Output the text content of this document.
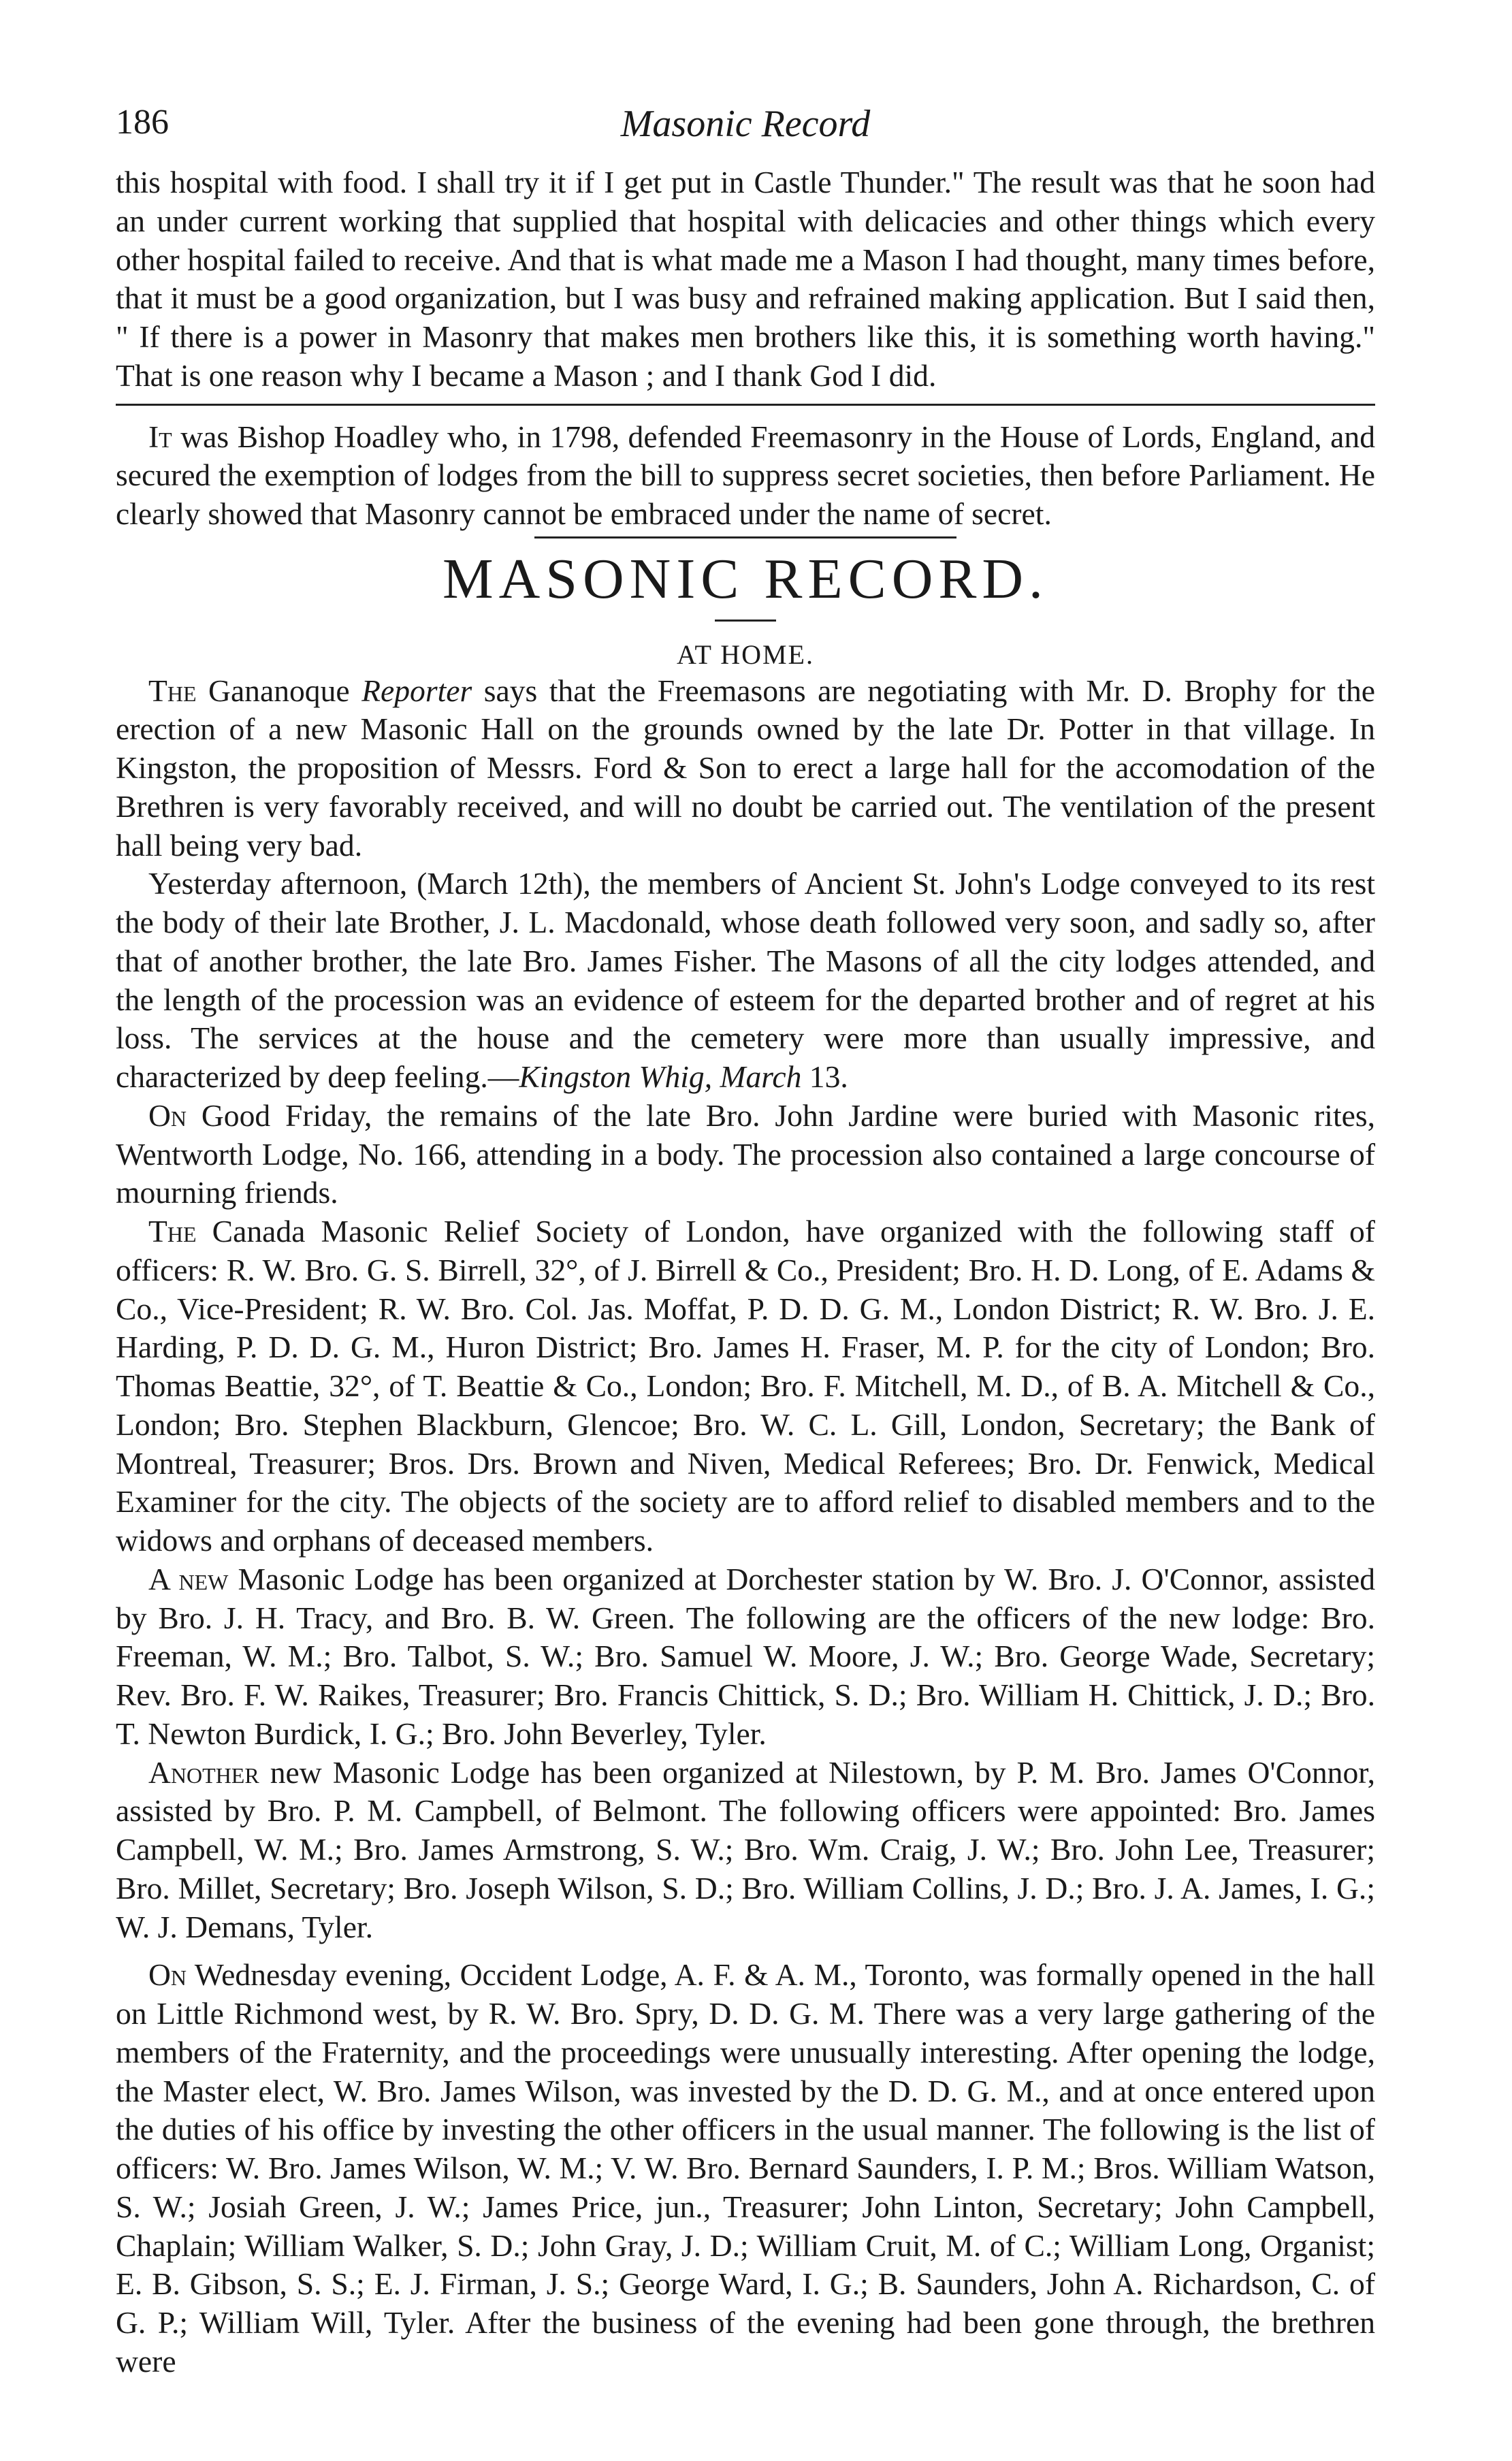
186	Masonic Record

this hospital with food. I shall try it if I get put in Castle Thunder." The result was that he soon had an under current working that supplied that hospital with delicacies and other things which every other hospital failed to receive. And that is what made me a Mason I had thought, many times before, that it must be a good organization, but I was busy and refrained making application. But I said then, " If there is a power in Masonry that makes men brothers like this, it is something worth having." That is one reason why I became a Mason ; and I thank God I did.

It was Bishop Hoadley who, in 1798, defended Freemasonry in the House of Lords, England, and secured the exemption of lodges from the bill to suppress secret societies, then before Parliament. He clearly showed that Masonry cannot be embraced under the name of secret.

MASONIC RECORD.
AT HOME.

The Gananoque Reporter says that the Freemasons are negotiating with Mr. D. Brophy for the erection of a new Masonic Hall on the grounds owned by the late Dr. Potter in that village. In Kingston, the proposition of Messrs. Ford & Son to erect a large hall for the accomodation of the Brethren is very favorably received, and will no doubt be carried out. The ventilation of the present hall being very bad.

Yesterday afternoon, (March 12th), the members of Ancient St. John's Lodge conveyed to its rest the body of their late Brother, J. L. Macdonald, whose death followed very soon, and sadly so, after that of another brother, the late Bro. James Fisher. The Masons of all the city lodges attended, and the length of the procession was an evidence of esteem for the departed brother and of regret at his loss. The services at the house and the cemetery were more than usually impressive, and characterized by deep feeling.—Kingston Whig, March 13.

On Good Friday, the remains of the late Bro. John Jardine were buried with Masonic rites, Wentworth Lodge, No. 166, attending in a body. The procession also contained a large concourse of mourning friends.

The Canada Masonic Relief Society of London, have organized with the following staff of officers: R. W. Bro. G. S. Birrell, 32°, of J. Birrell & Co., President; Bro. H. D. Long, of E. Adams & Co., Vice-President; R. W. Bro. Col. Jas. Moffat, P. D. D. G. M., London District; R. W. Bro. J. E. Harding, P. D. D. G. M., Huron District; Bro. James H. Fraser, M. P. for the city of London; Bro. Thomas Beattie, 32°, of T. Beattie & Co., London; Bro. F. Mitchell, M. D., of B. A. Mitchell & Co., London; Bro. Stephen Blackburn, Glencoe; Bro. W. C. L. Gill, London, Secretary; the Bank of Montreal, Treasurer; Bros. Drs. Brown and Niven, Medical Referees; Bro. Dr. Fenwick, Medical Examiner for the city. The objects of the society are to afford relief to disabled members and to the widows and orphans of deceased members.

A new Masonic Lodge has been organized at Dorchester station by W. Bro. J. O'Connor, assisted by Bro. J. H. Tracy, and Bro. B. W. Green. The following are the officers of the new lodge: Bro. Freeman, W. M.; Bro. Talbot, S. W.; Bro. Samuel W. Moore, J. W.; Bro. George Wade, Secretary; Rev. Bro. F. W. Raikes, Treasurer; Bro. Francis Chittick, S. D.; Bro. William H. Chittick, J. D.; Bro. T. Newton Burdick, I. G.; Bro. John Beverley, Tyler.

Another new Masonic Lodge has been organized at Nilestown, by P. M. Bro. James O'Connor, assisted by Bro. P. M. Campbell, of Belmont. The following officers were appointed: Bro. James Campbell, W. M.; Bro. James Armstrong, S. W.; Bro. Wm. Craig, J. W.; Bro. John Lee, Treasurer; Bro. Millet, Secretary; Bro. Joseph Wilson, S. D.; Bro. William Collins, J. D.; Bro. J. A. James, I. G.; W. J. Demans, Tyler.

On Wednesday evening, Occident Lodge, A. F. & A. M., Toronto, was formally opened in the hall on Little Richmond west, by R. W. Bro. Spry, D. D. G. M. There was a very large gathering of the members of the Fraternity, and the proceedings were unusually interesting. After opening the lodge, the Master elect, W. Bro. James Wilson, was invested by the D. D. G. M., and at once entered upon the duties of his office by investing the other officers in the usual manner. The following is the list of officers: W. Bro. James Wilson, W. M.; V. W. Bro. Bernard Saunders, I. P. M.; Bros. William Watson, S. W.; Josiah Green, J. W.; James Price, jun., Treasurer; John Linton, Secretary; John Campbell, Chaplain; William Walker, S. D.; John Gray, J. D.; William Cruit, M. of C.; William Long, Organist; E. B. Gibson, S. S.; E. J. Firman, J. S.; George Ward, I. G.; B. Saunders, John A. Richardson, C. of G. P.; William Will, Tyler. After the business of the evening had been gone through, the brethren were
